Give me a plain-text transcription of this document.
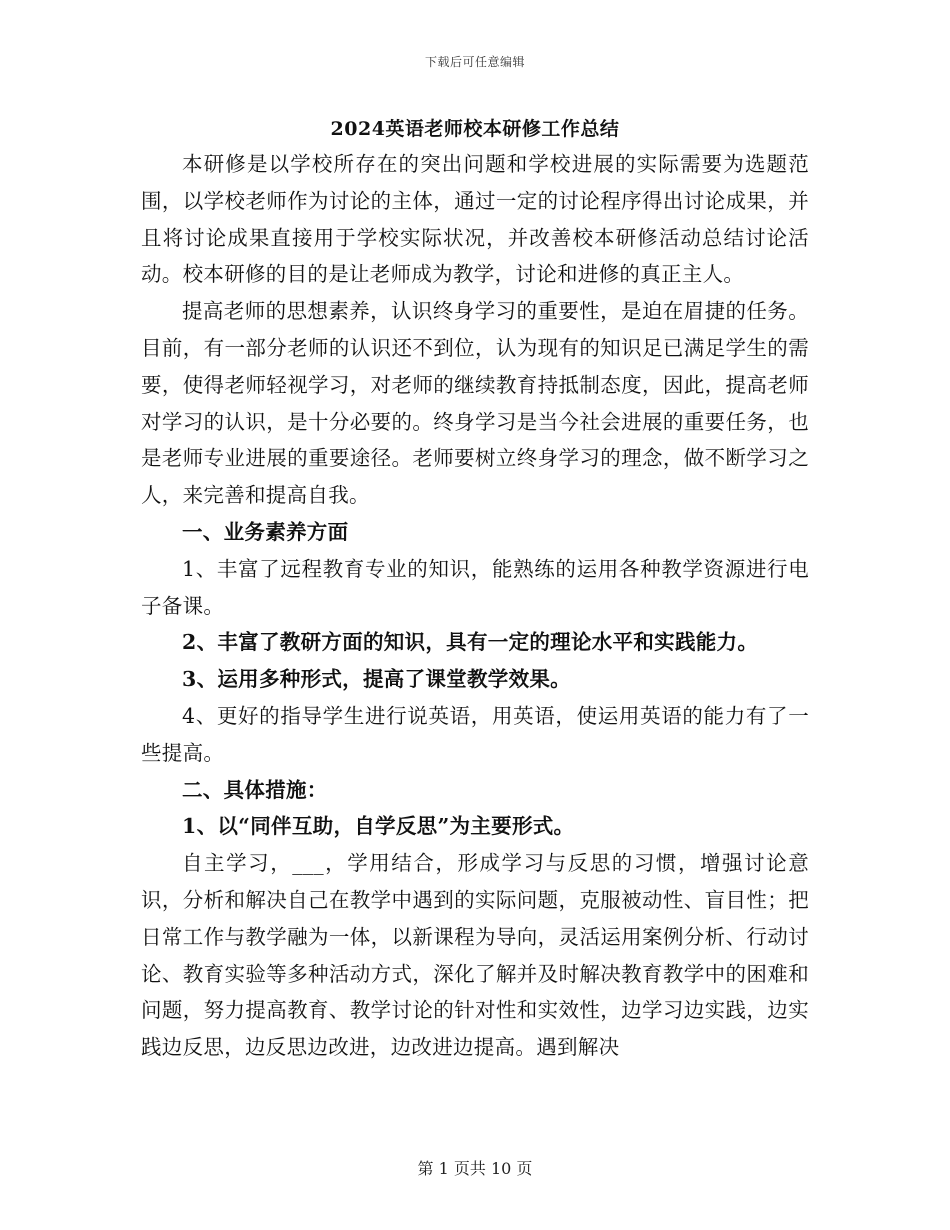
下载后可任意编辑
2024英语老师校本研修工作总结

本研修是以学校所存在的突出问题和学校进展的实际需要为选题范围，以学校老师作为讨论的主体，通过一定的讨论程序得出讨论成果，并且将讨论成果直接用于学校实际状况，并改善校本研修活动总结讨论活动。校本研修的目的是让老师成为教学，讨论和进修的真正主人。

提高老师的思想素养，认识终身学习的重要性，是迫在眉捷的任务。目前，有一部分老师的认识还不到位，认为现有的知识足已满足学生的需要，使得老师轻视学习，对老师的继续教育持抵制态度，因此，提高老师对学习的认识，是十分必要的。终身学习是当今社会进展的重要任务，也是老师专业进展的重要途径。老师要树立终身学习的理念，做不断学习之人，来完善和提高自我。

一、业务素养方面

1、丰富了远程教育专业的知识，能熟练的运用各种教学资源进行电子备课。

2、丰富了教研方面的知识，具有一定的理论水平和实践能力。

3、运用多种形式，提高了课堂教学效果。

4、更好的指导学生进行说英语，用英语，使运用英语的能力有了一些提高。

二、具体措施：

1、以“同伴互助，自学反思”为主要形式。

自主学习，___，学用结合，形成学习与反思的习惯，增强讨论意识，分析和解决自己在教学中遇到的实际问题，克服被动性、盲目性；把日常工作与教学融为一体，以新课程为导向，灵活运用案例分析、行动讨论、教育实验等多种活动方式，深化了解并及时解决教育教学中的困难和问题，努力提高教育、教学讨论的针对性和实效性，边学习边实践，边实践边反思，边反思边改进，边改进边提高。遇到解决

第 1 页共 10 页
